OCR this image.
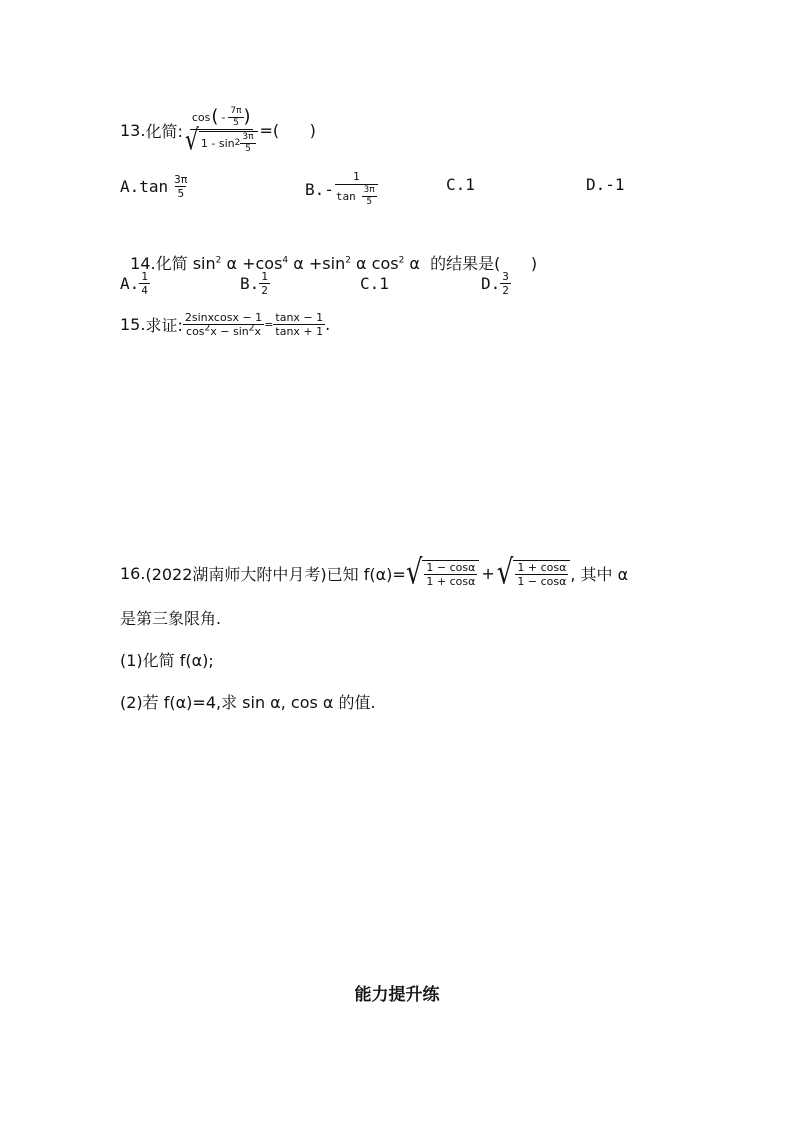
13. 化简:
cos ( - $\frac{7\pi}{5}$ )
√ $1 - \sin 2 \frac{3\pi}{5}$
=(      )
$A.\tan \frac{3\pi}{5}$	$B.- \frac{1}{\tan \frac{3\pi}{5}}$	C.1	D.-1

14.化简 $\sin^2 \alpha +\cos^4$ $\alpha +\sin^2$ α $\cos^2 \alpha$  的结果是(      )

A. $\frac{1}{4}$	B. $\frac{1}{2}$	C.1	D. $\frac{3}{2}$
15. 求证: $\frac{\text{2sinxcosx − 1}}{\cos^2x - \sin^2x} = \frac{\tan x - 1}{\tan x + 1}$ .
16. (2022湖南师大附中月考)已知 f(α)= √ $\frac{1 - \cos\alpha}{1 + \cos\alpha}$ + √ $\frac{1 + \cos\alpha}{1 - \cos\alpha}$ , 其中 α
是第三象限角.
(1)化简 f(α);
(2)若 f(α)=4,求 sin α, cos α 的值.
能力提升练
